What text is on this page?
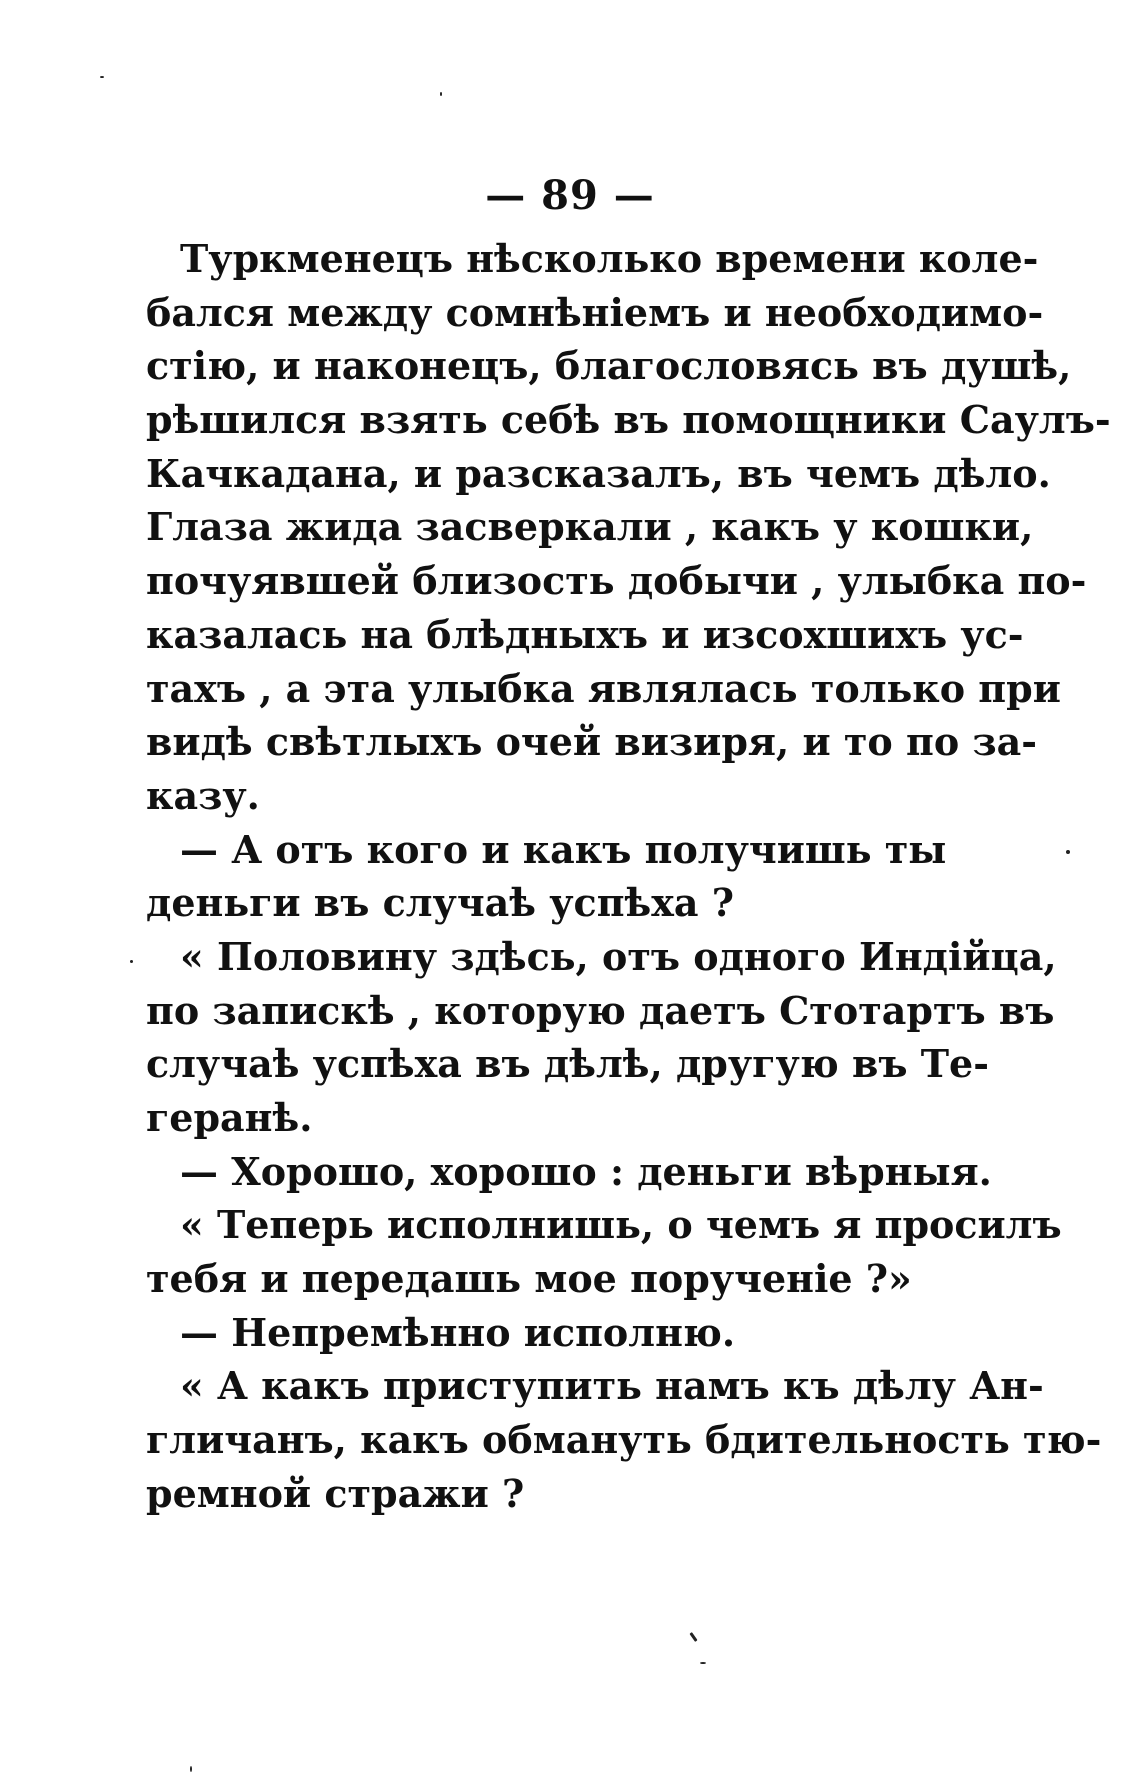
— 89 —
Туркменецъ нѣсколько времени коле-
бался между сомнѣніемъ и необходимо-
стію, и наконецъ, благословясь въ душѣ,
рѣшился взять себѣ въ помощники Саулъ-
Качкадана, и разсказалъ, въ чемъ дѣло.
Глаза жида засверкали , какъ у кошки,
почуявшей близость добычи , улыбка по-
казалась на блѣдныхъ и изсохшихъ ус-
тахъ , а эта улыбка являлась только при
видѣ свѣтлыхъ очей визиря, и то по за-
казу.
— А отъ кого и какъ получишь ты
деньги въ случаѣ успѣха ?
« Половину здѣсь, отъ одного Индійца,
по запискѣ , которую даетъ Стотартъ въ
случаѣ успѣха въ дѣлѣ, другую въ Те-
геранѣ.
— Хорошо, хорошо : деньги вѣрныя.
« Теперь исполнишь, о чемъ я просилъ
тебя и передашь мое порученіе ?»
— Непремѣнно исполню.
« А какъ приступить намъ къ дѣлу Ан-
гличанъ, какъ обмануть бдительность тю-
ремной стражи ?
